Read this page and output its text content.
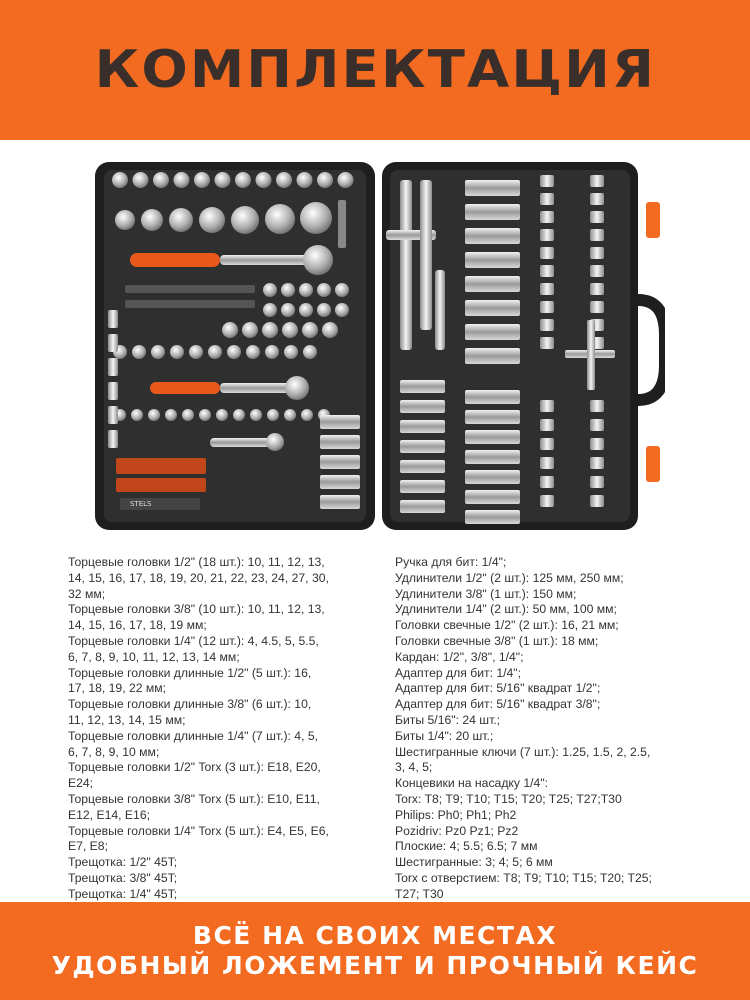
КОМПЛЕКТАЦИЯ
STELS
Торцевые головки 1/2" (18 шт.): 10, 11, 12, 13,
14, 15, 16, 17, 18, 19, 20, 21, 22, 23, 24, 27, 30,
32 мм;
Торцевые головки 3/8" (10 шт.): 10, 11, 12, 13,
14, 15, 16, 17, 18, 19 мм;
Торцевые головки 1/4" (12 шт.): 4, 4.5, 5, 5.5,
6, 7, 8, 9, 10, 11, 12, 13, 14 мм;
Торцевые головки длинные 1/2" (5 шт.): 16,
17, 18, 19, 22 мм;
Торцевые головки длинные 3/8" (6 шт.): 10,
11, 12, 13, 14, 15 мм;
Торцевые головки длинные 1/4" (7 шт.): 4, 5,
6, 7, 8, 9, 10 мм;
Торцевые головки 1/2" Torx (3 шт.): E18, E20,
E24;
Торцевые головки 3/8" Torx (5 шт.): E10, E11,
E12, E14, E16;
Торцевые головки 1/4" Torx (5 шт.): E4, E5, E6,
E7, E8;
Трещотка: 1/2" 45T;
Трещотка: 3/8" 45T;
Трещотка: 1/4" 45T;
Ручка для бит: 1/4";
Удлинители 1/2" (2 шт.): 125 мм, 250 мм;
Удлинители 3/8" (1 шт.): 150 мм;
Удлинители 1/4" (2 шт.): 50 мм, 100 мм;
Головки свечные 1/2" (2 шт.): 16, 21 мм;
Головки свечные 3/8" (1 шт.): 18 мм;
Кардан: 1/2", 3/8", 1/4";
Адаптер для бит: 1/4";
Адаптер для бит: 5/16" квадрат 1/2";
Адаптер для бит: 5/16" квадрат 3/8";
Биты 5/16": 24 шт.;
Биты 1/4": 20 шт.;
Шестигранные ключи (7 шт.): 1.25, 1.5, 2, 2.5,
3, 4, 5;
Концевики на насадку 1/4":
Torx: T8; T9; T10; T15; T20; T25; T27;T30
Philips: Ph0; Ph1; Ph2
Pozidriv: Pz0 Pz1; Pz2
Плоские: 4; 5.5; 6.5; 7 мм
Шестигранные: 3; 4; 5; 6 мм
Torx с отверстием: T8; T9; T10; T15; T20; T25;
T27; T30
ВСЁ НА СВОИХ МЕСТАХ
УДОБНЫЙ ЛОЖЕМЕНТ И ПРОЧНЫЙ КЕЙС
